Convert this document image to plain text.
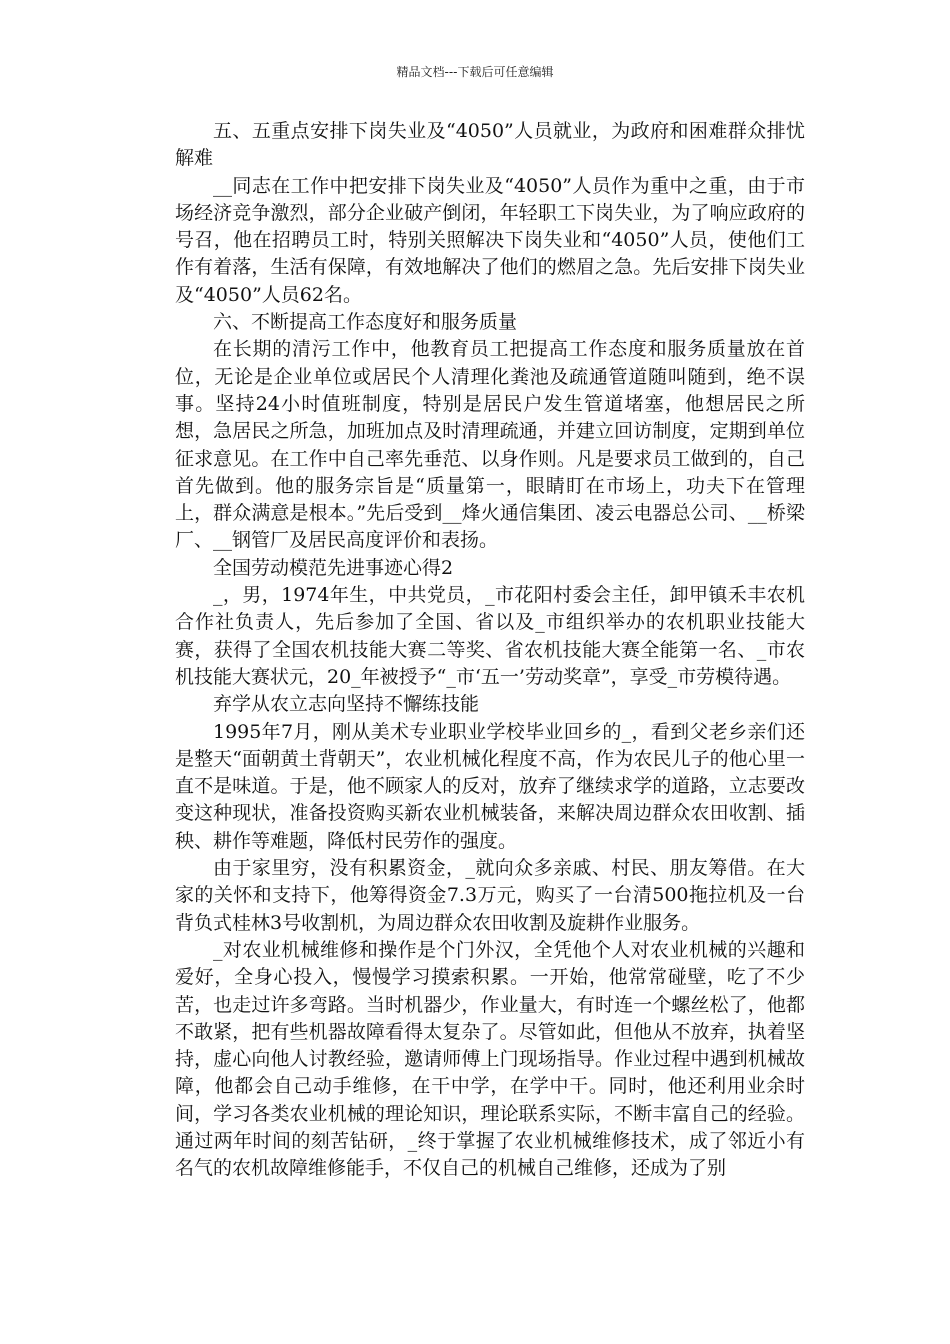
精品文档---下载后可任意编辑

五、五重点安排下岗失业及“4050”人员就业，为政府和困难群众排忧解难

__同志在工作中把安排下岗失业及“4050”人员作为重中之重，由于市场经济竞争激烈，部分企业破产倒闭，年轻职工下岗失业，为了响应政府的号召，他在招聘员工时，特别关照解决下岗失业和“4050”人员，使他们工作有着落，生活有保障，有效地解决了他们的燃眉之急。先后安排下岗失业及“4050”人员62名。

六、不断提高工作态度好和服务质量

在长期的清污工作中，他教育员工把提高工作态度和服务质量放在首位，无论是企业单位或居民个人清理化粪池及疏通管道随叫随到，绝不误事。坚持24小时值班制度，特别是居民户发生管道堵塞，他想居民之所想，急居民之所急，加班加点及时清理疏通，并建立回访制度，定期到单位征求意见。在工作中自己率先垂范、以身作则。凡是要求员工做到的，自己首先做到。他的服务宗旨是“质量第一，眼睛盯在市场上，功夫下在管理上，群众满意是根本。”先后受到__烽火通信集团、凌云电器总公司、__桥梁厂、__钢管厂及居民高度评价和表扬。

全国劳动模范先进事迹心得2

_，男，1974年生，中共党员，_市花阳村委会主任，卸甲镇禾丰农机合作社负责人，先后参加了全国、省以及_市组织举办的农机职业技能大赛，获得了全国农机技能大赛二等奖、省农机技能大赛全能第一名、_市农机技能大赛状元，20_年被授予“_市‘五一’劳动奖章”，享受_市劳模待遇。

弃学从农立志向坚持不懈练技能

1995年7月，刚从美术专业职业学校毕业回乡的_，看到父老乡亲们还是整天“面朝黄土背朝天”，农业机械化程度不高，作为农民儿子的他心里一直不是味道。于是，他不顾家人的反对，放弃了继续求学的道路，立志要改变这种现状，准备投资购买新农业机械装备，来解决周边群众农田收割、插秧、耕作等难题，降低村民劳作的强度。

由于家里穷，没有积累资金，_就向众多亲戚、村民、朋友筹借。在大家的关怀和支持下，他筹得资金7.3万元，购买了一台清500拖拉机及一台背负式桂林3号收割机，为周边群众农田收割及旋耕作业服务。

_对农业机械维修和操作是个门外汉，全凭他个人对农业机械的兴趣和爱好，全身心投入，慢慢学习摸索积累。一开始，他常常碰壁，吃了不少苦，也走过许多弯路。当时机器少，作业量大，有时连一个螺丝松了，他都不敢紧，把有些机器故障看得太复杂了。尽管如此，但他从不放弃，执着坚持，虚心向他人讨教经验，邀请师傅上门现场指导。作业过程中遇到机械故障，他都会自己动手维修，在干中学，在学中干。同时，他还利用业余时间，学习各类农业机械的理论知识，理论联系实际，不断丰富自己的经验。通过两年时间的刻苦钻研，_终于掌握了农业机械维修技术，成了邻近小有名气的农机故障维修能手，不仅自己的机械自己维修，还成为了别
